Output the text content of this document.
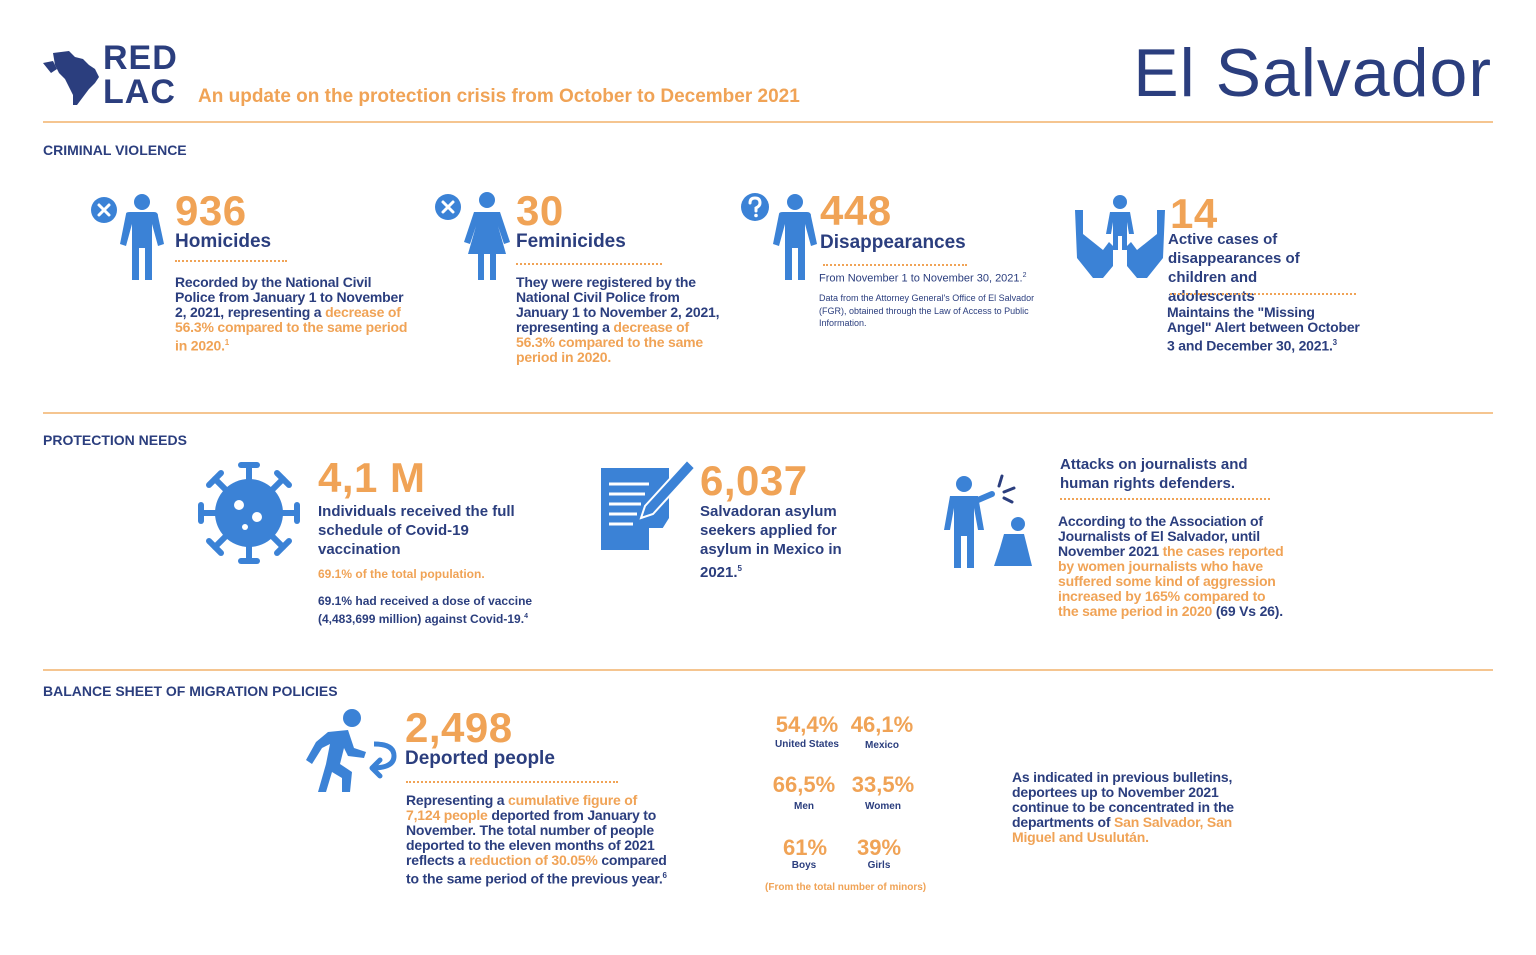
RED
LAC An update on the protection crisis from October to December 2021	El Salvador
CRIMINAL VIOLENCE
936
Homicides
Recorded by the National Civil Police from January 1 to November 2, 2021, representing a decrease of 56.3% compared to the same period in 2020.$^1$
30
Feminicides
They were registered by the National Civil Police from January 1 to November 2, 2021, representing a decrease of 56.3% compared to the same period in 2020.
448
Disappearances
From November 1 to November 30, 2021.$^2$
Data from the Attorney General's Office of El Salvador (FGR), obtained through the Law of Access to Public Information.
14
Active cases of disappearances of children and adolescents
Maintains the "Missing Angel" Alert between October 3 and December 30, 2021.$^3$
PROTECTION NEEDS
4,1 M
Individuals received the full schedule of Covid-19 vaccination
69.1% of the total population.
69.1% had received a dose of vaccine (4,483,699 million) against Covid-19.$^4$
6,037
Salvadoran asylum seekers applied for asylum in Mexico in 2021.$^5$
Attacks on journalists and human rights defenders.
According to the Association of Journalists of El Salvador, until November 2021 the cases reported by women journalists who have suffered some kind of aggression increased by 165% compared to the same period in 2020 (69 Vs 26).
BALANCE SHEET OF MIGRATION POLICIES
2,498
Deported people
Representing a cumulative figure of 7,124 people deported from January to November. The total number of people deported to the eleven months of 2021 reflects a reduction of 30.05% compared to the same period of the previous year.$^6$
54,4%
United States
46,1%
Mexico
66,5%
Men
33,5%
Women
61%
Boys
39%
Girls
(From the total number of minors)
As indicated in previous bulletins, deportees up to November 2021 continue to be concentrated in the departments of San Salvador, San Miguel and Usulután.
